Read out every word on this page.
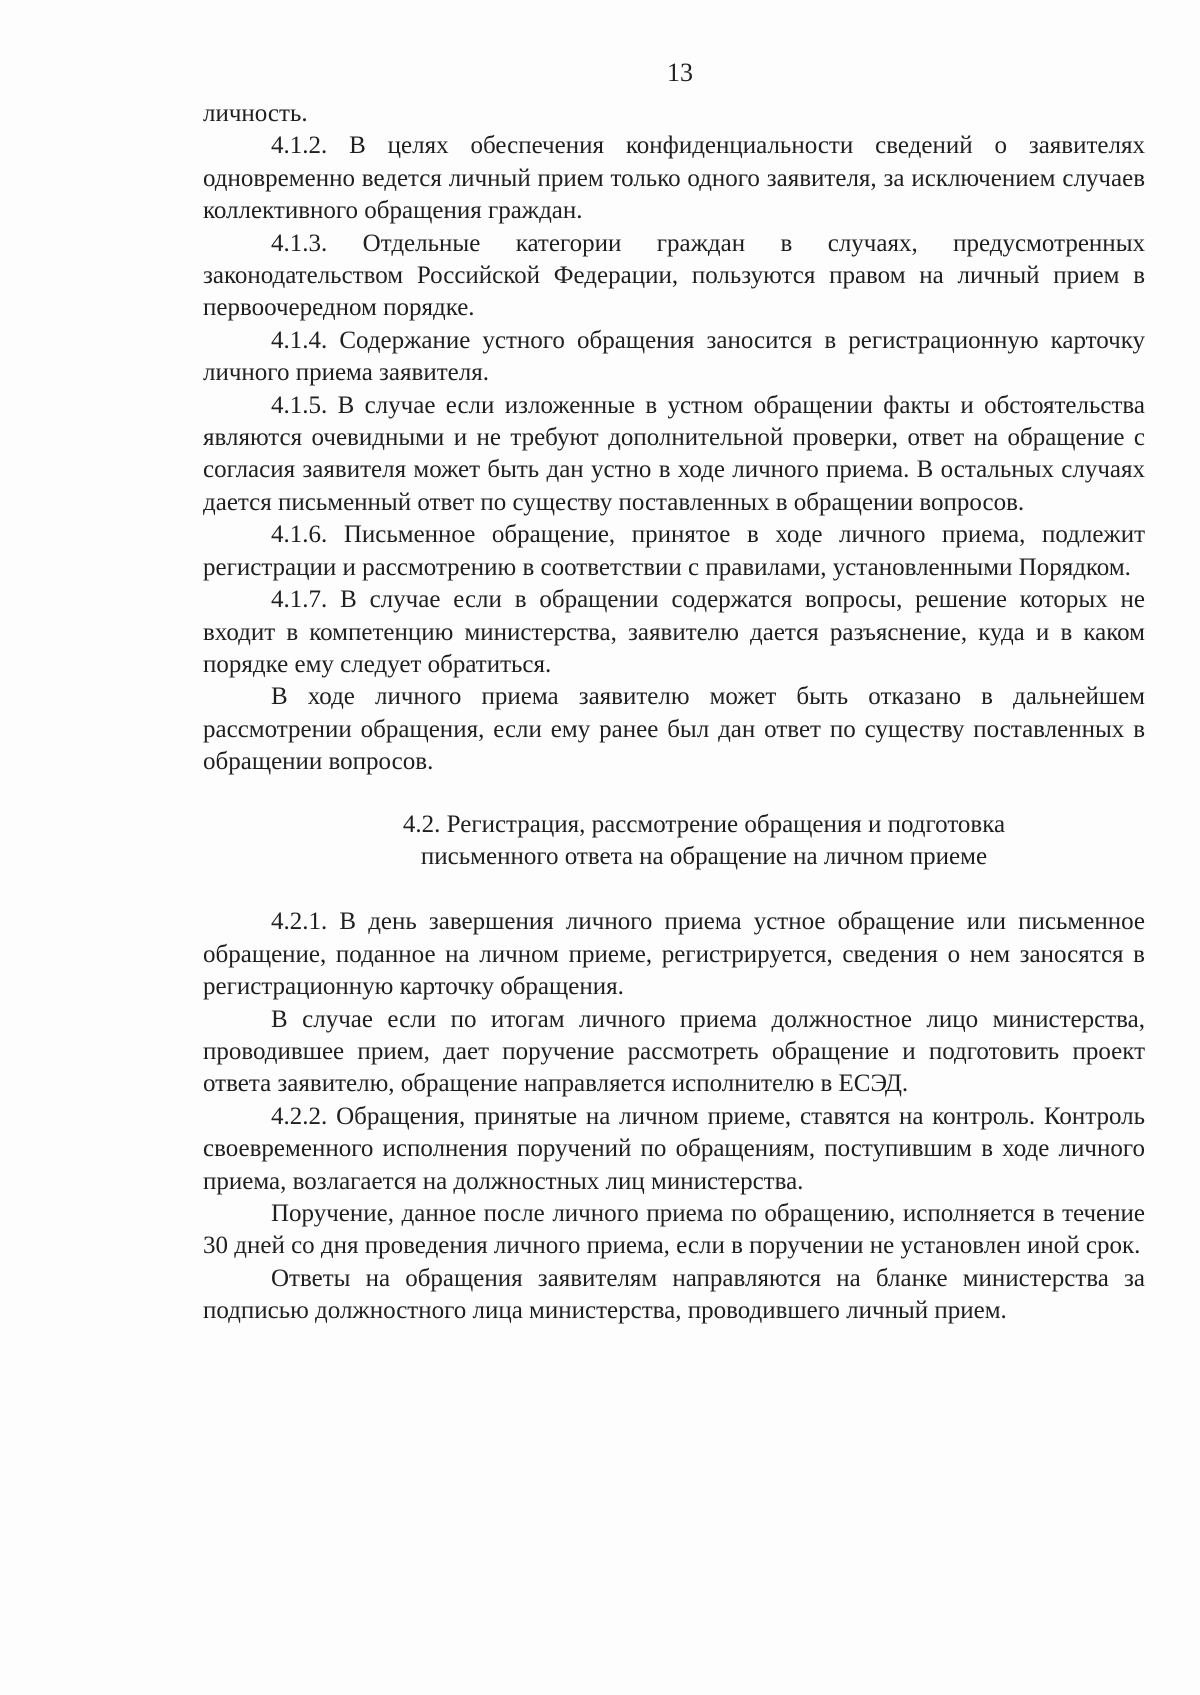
13

личность.

4.1.2. В целях обеспечения конфиденциальности сведений о заявителях одновременно ведется личный прием только одного заявителя, за исключением случаев коллективного обращения граждан.

4.1.3. Отдельные категории граждан в случаях, предусмотренных законодательством Российской Федерации, пользуются правом на личный прием в первоочередном порядке.

4.1.4. Содержание устного обращения заносится в регистрационную карточку личного приема заявителя.

4.1.5. В случае если изложенные в устном обращении факты и обстоятельства являются очевидными и не требуют дополнительной проверки, ответ на обращение с согласия заявителя может быть дан устно в ходе личного приема. В остальных случаях дается письменный ответ по существу поставленных в обращении вопросов.

4.1.6. Письменное обращение, принятое в ходе личного приема, подлежит регистрации и рассмотрению в соответствии с правилами, установленными Порядком.

4.1.7. В случае если в обращении содержатся вопросы, решение которых не входит в компетенцию министерства, заявителю дается разъяснение, куда и в каком порядке ему следует обратиться.

В ходе личного приема заявителю может быть отказано в дальнейшем рассмотрении обращения, если ему ранее был дан ответ по существу поставленных в обращении вопросов.

4.2. Регистрация, рассмотрение обращения и подготовка
письменного ответа на обращение на личном приеме

4.2.1. В день завершения личного приема устное обращение или письменное обращение, поданное на личном приеме, регистрируется, сведения о нем заносятся в регистрационную карточку обращения.

В случае если по итогам личного приема должностное лицо министерства, проводившее прием, дает поручение рассмотреть обращение и подготовить проект ответа заявителю, обращение направляется исполнителю в ЕСЭД.

4.2.2. Обращения, принятые на личном приеме, ставятся на контроль. Контроль своевременного исполнения поручений по обращениям, поступившим в ходе личного приема, возлагается на должностных лиц министерства.

Поручение, данное после личного приема по обращению, исполняется в течение 30 дней со дня проведения личного приема, если в поручении не установлен иной срок.

Ответы на обращения заявителям направляются на бланке министерства за подписью должностного лица министерства, проводившего личный прием.
